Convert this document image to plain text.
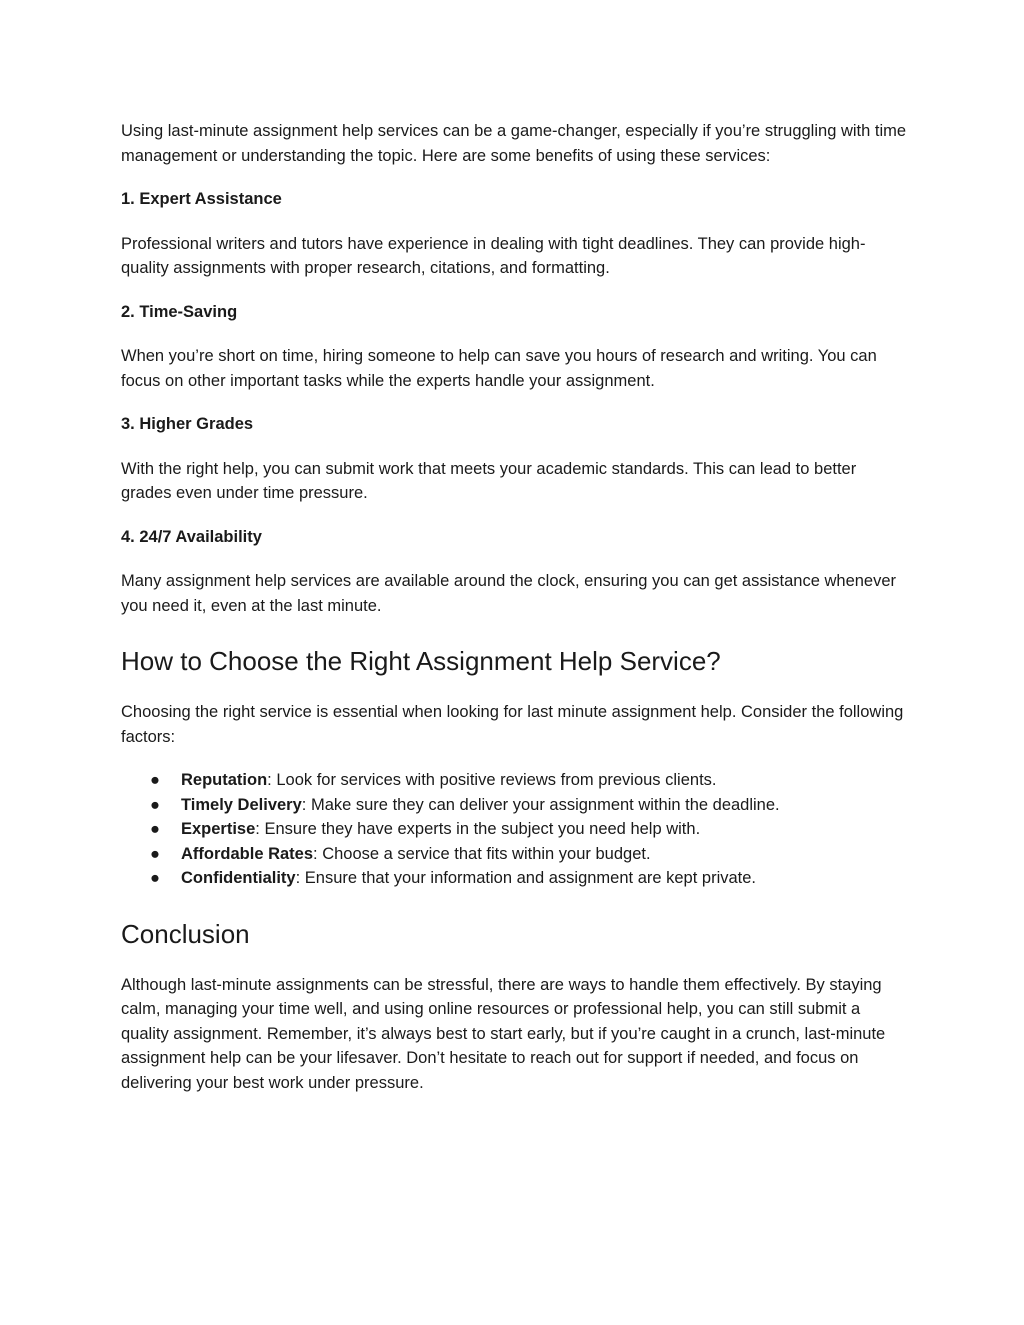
Using last-minute assignment help services can be a game-changer, especially if you’re struggling with time management or understanding the topic. Here are some benefits of using these services:

1. Expert Assistance

Professional writers and tutors have experience in dealing with tight deadlines. They can provide high-quality assignments with proper research, citations, and formatting.

2. Time-Saving

When you’re short on time, hiring someone to help can save you hours of research and writing. You can focus on other important tasks while the experts handle your assignment.

3. Higher Grades

With the right help, you can submit work that meets your academic standards. This can lead to better grades even under time pressure.

4. 24/7 Availability

Many assignment help services are available around the clock, ensuring you can get assistance whenever you need it, even at the last minute.

How to Choose the Right Assignment Help Service?

Choosing the right service is essential when looking for last minute assignment help. Consider the following factors:

● Reputation: Look for services with positive reviews from previous clients.
● Timely Delivery: Make sure they can deliver your assignment within the deadline.
● Expertise: Ensure they have experts in the subject you need help with.
● Affordable Rates: Choose a service that fits within your budget.
● Confidentiality: Ensure that your information and assignment are kept private.
Conclusion

Although last-minute assignments can be stressful, there are ways to handle them effectively. By staying calm, managing your time well, and using online resources or professional help, you can still submit a quality assignment. Remember, it’s always best to start early, but if you’re caught in a crunch, last-minute assignment help can be your lifesaver. Don’t hesitate to reach out for support if needed, and focus on delivering your best work under pressure.
